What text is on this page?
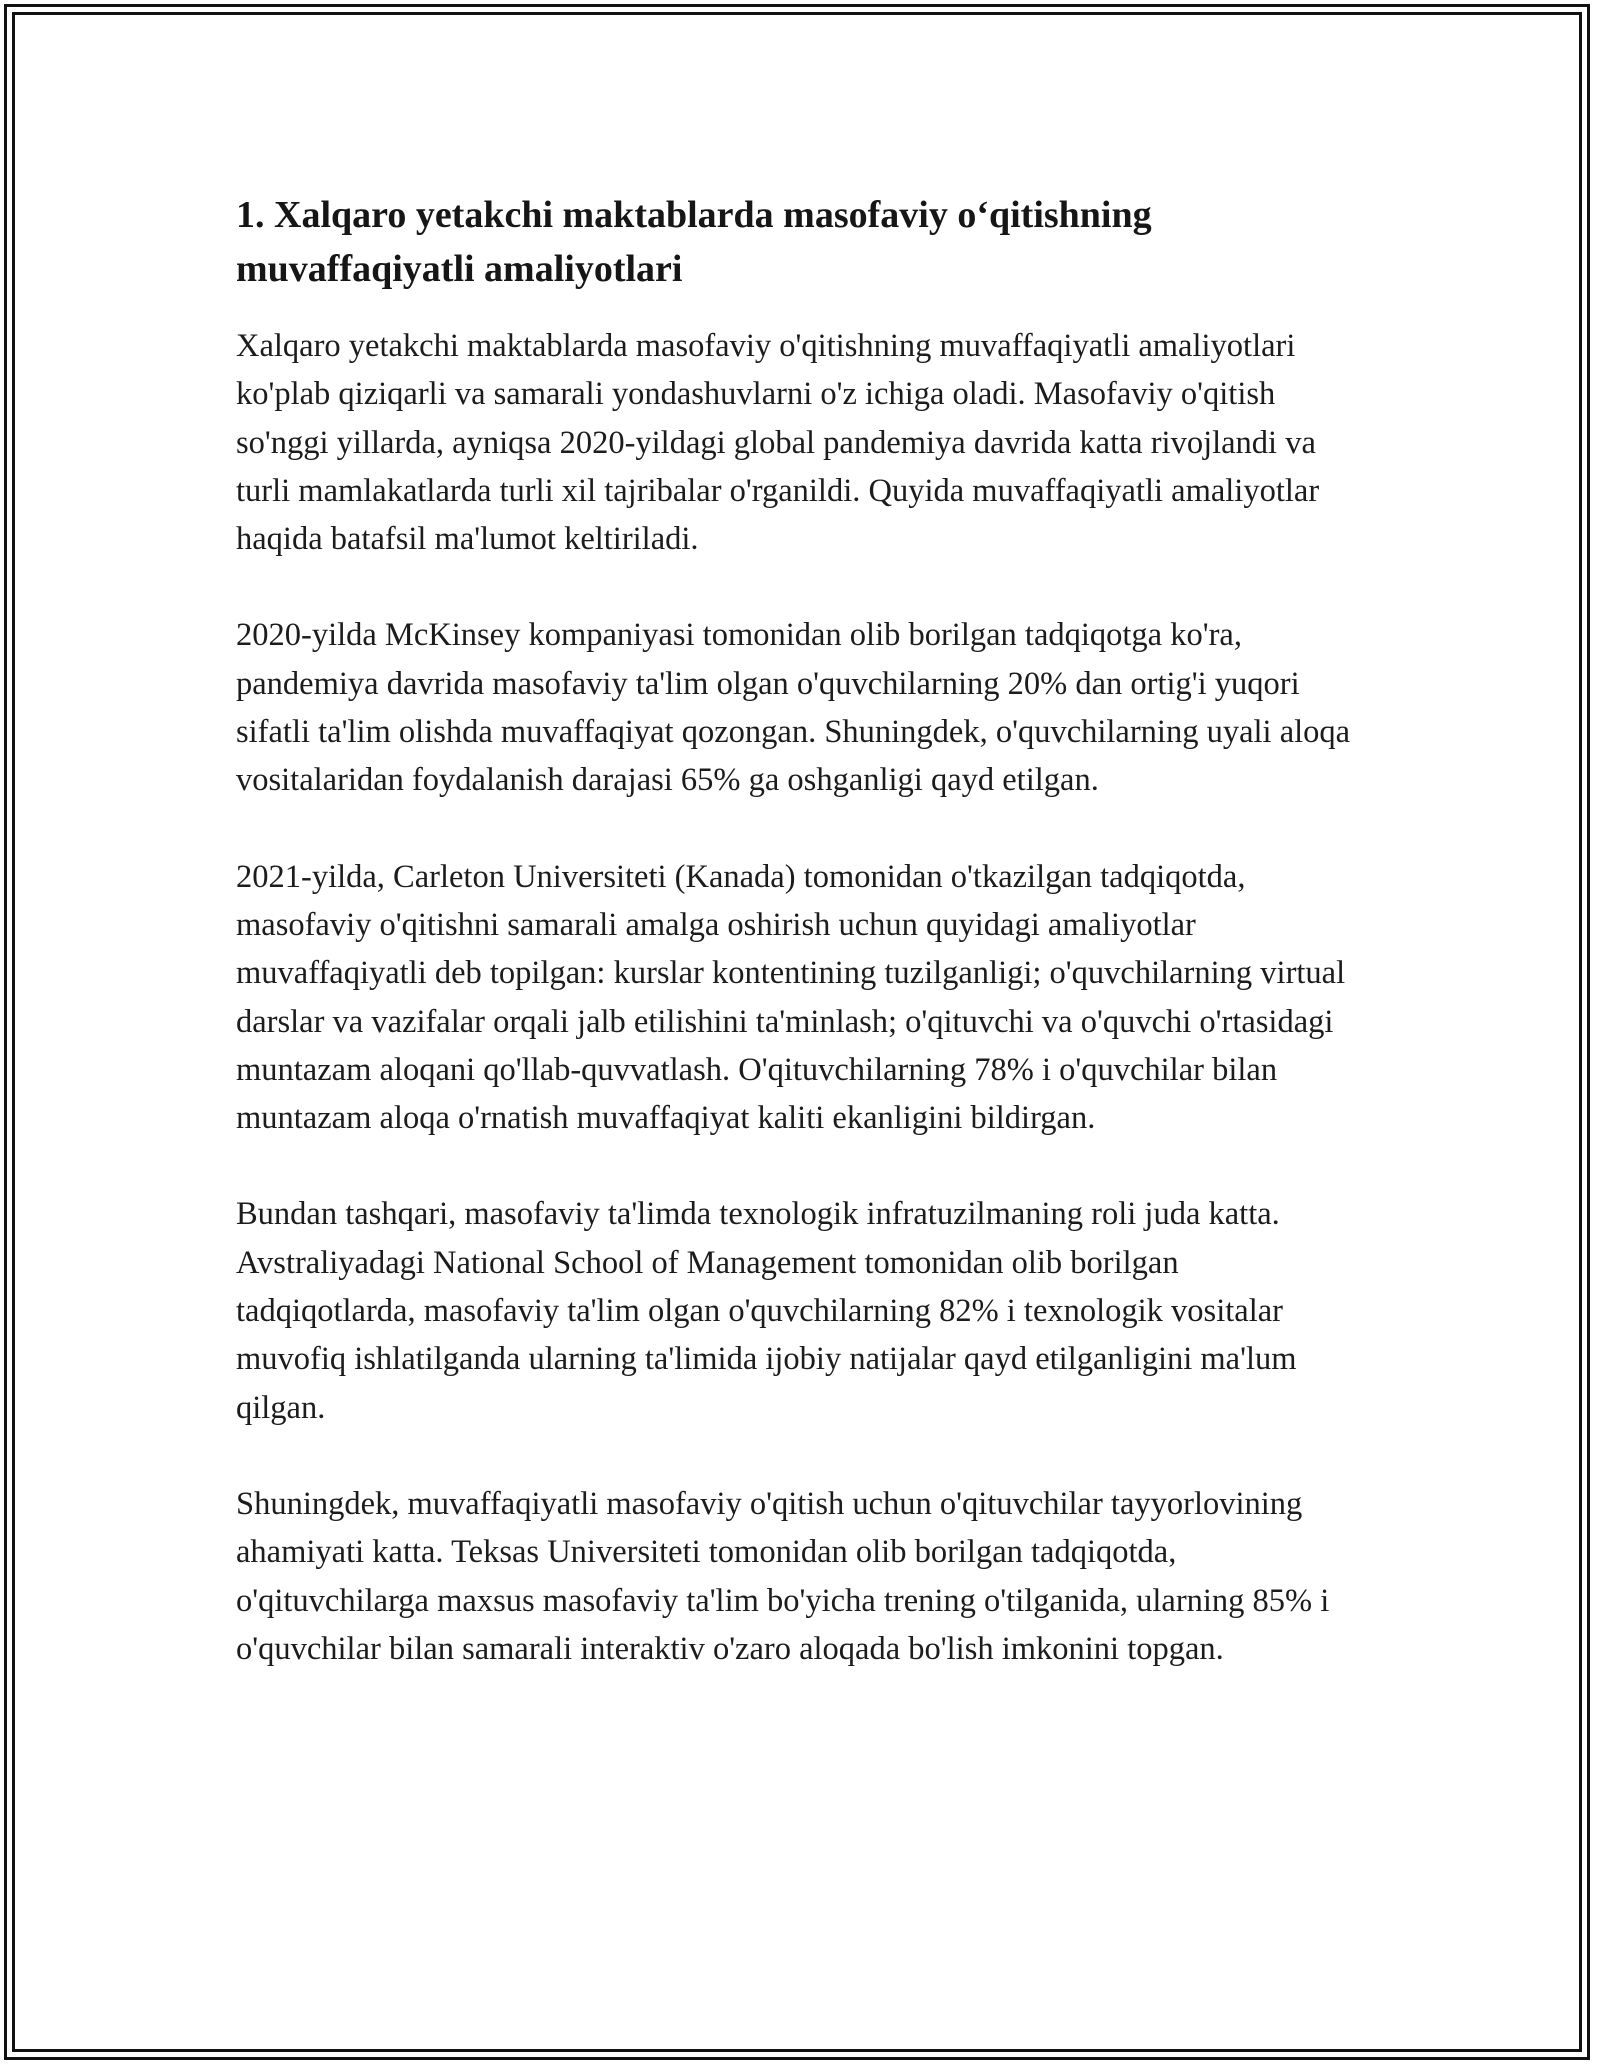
1. Xalqaro yetakchi maktablarda masofaviy o‘qitishning muvaffaqiyatli amaliyotlari

Xalqaro yetakchi maktablarda masofaviy o'qitishning muvaffaqiyatli amaliyotlari ko'plab qiziqarli va samarali yondashuvlarni o'z ichiga oladi. Masofaviy o'qitish so'nggi yillarda, ayniqsa 2020-yildagi global pandemiya davrida katta rivojlandi va turli mamlakatlarda turli xil tajribalar o'rganildi. Quyida muvaffaqiyatli amaliyotlar haqida batafsil ma'lumot keltiriladi.

2020-yilda McKinsey kompaniyasi tomonidan olib borilgan tadqiqotga ko'ra, pandemiya davrida masofaviy ta'lim olgan o'quvchilarning 20% dan ortig'i yuqori sifatli ta'lim olishda muvaffaqiyat qozongan. Shuningdek, o'quvchilarning uyali aloqa vositalaridan foydalanish darajasi 65% ga oshganligi qayd etilgan.

2021-yilda, Carleton Universiteti (Kanada) tomonidan o'tkazilgan tadqiqotda, masofaviy o'qitishni samarali amalga oshirish uchun quyidagi amaliyotlar muvaffaqiyatli deb topilgan: kurslar kontentining tuzilganligi; o'quvchilarning virtual darslar va vazifalar orqali jalb etilishini ta'minlash; o'qituvchi va o'quvchi o'rtasidagi muntazam aloqani qo'llab-quvvatlash. O'qituvchilarning 78% i o'quvchilar bilan muntazam aloqa o'rnatish muvaffaqiyat kaliti ekanligini bildirgan.

Bundan tashqari, masofaviy ta'limda texnologik infratuzilmaning roli juda katta. Avstraliyadagi National School of Management tomonidan olib borilgan tadqiqotlarda, masofaviy ta'lim olgan o'quvchilarning 82% i texnologik vositalar muvofiq ishlatilganda ularning ta'limida ijobiy natijalar qayd etilganligini ma'lum qilgan.

Shuningdek, muvaffaqiyatli masofaviy o'qitish uchun o'qituvchilar tayyorlovining ahamiyati katta. Teksas Universiteti tomonidan olib borilgan tadqiqotda, o'qituvchilarga maxsus masofaviy ta'lim bo'yicha trening o'tilganida, ularning 85% i o'quvchilar bilan samarali interaktiv o'zaro aloqada bo'lish imkonini topgan.
